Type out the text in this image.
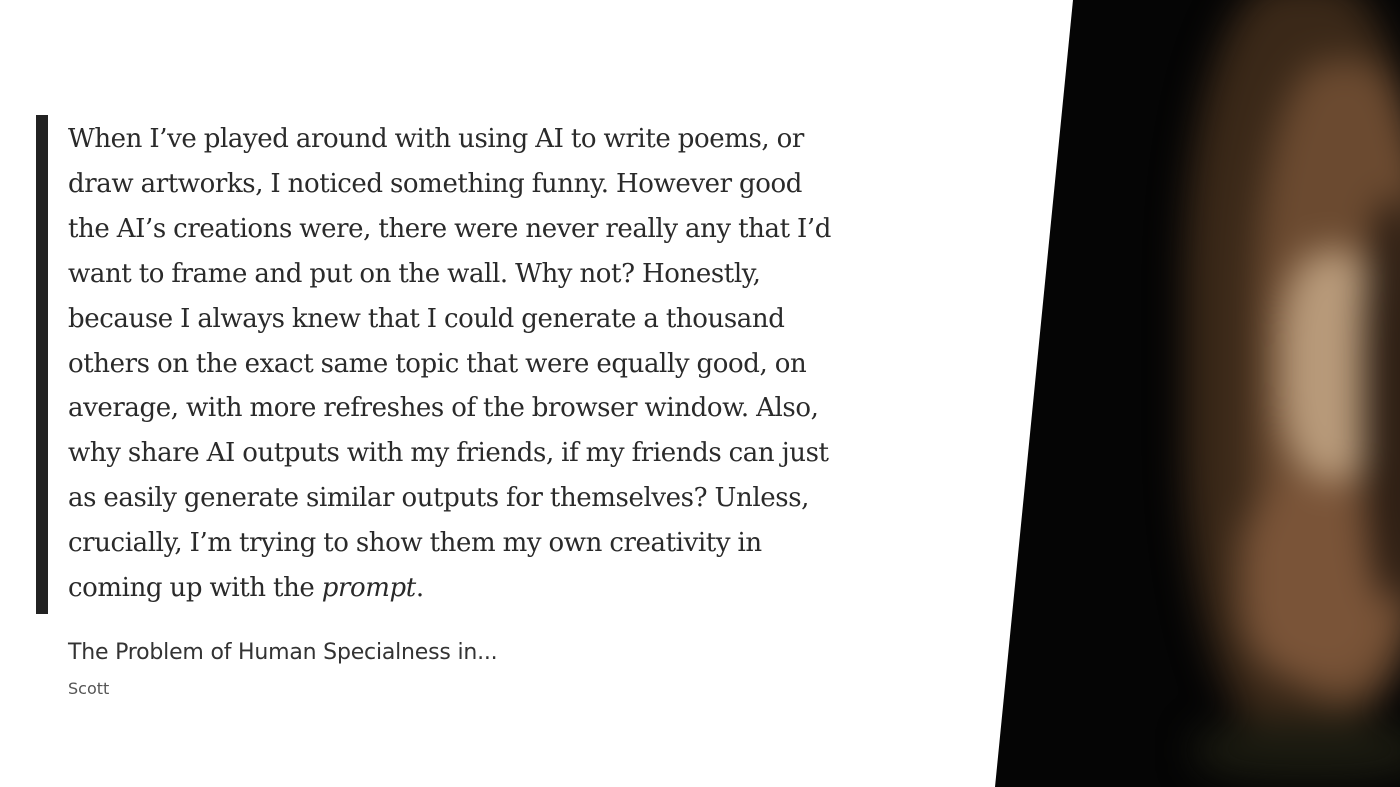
When I’ve played around with using AI to write poems, or
draw artworks, I noticed something funny. However good
the AI’s creations were, there were never really any that I’d
want to frame and put on the wall. Why not? Honestly,
because I always knew that I could generate a thousand
others on the exact same topic that were equally good, on
average, with more refreshes of the browser window. Also,
why share AI outputs with my friends, if my friends can just
as easily generate similar outputs for themselves? Unless,
crucially, I’m trying to show them my own creativity in
coming up with the prompt.

The Problem of Human Specialness in...

Scott
